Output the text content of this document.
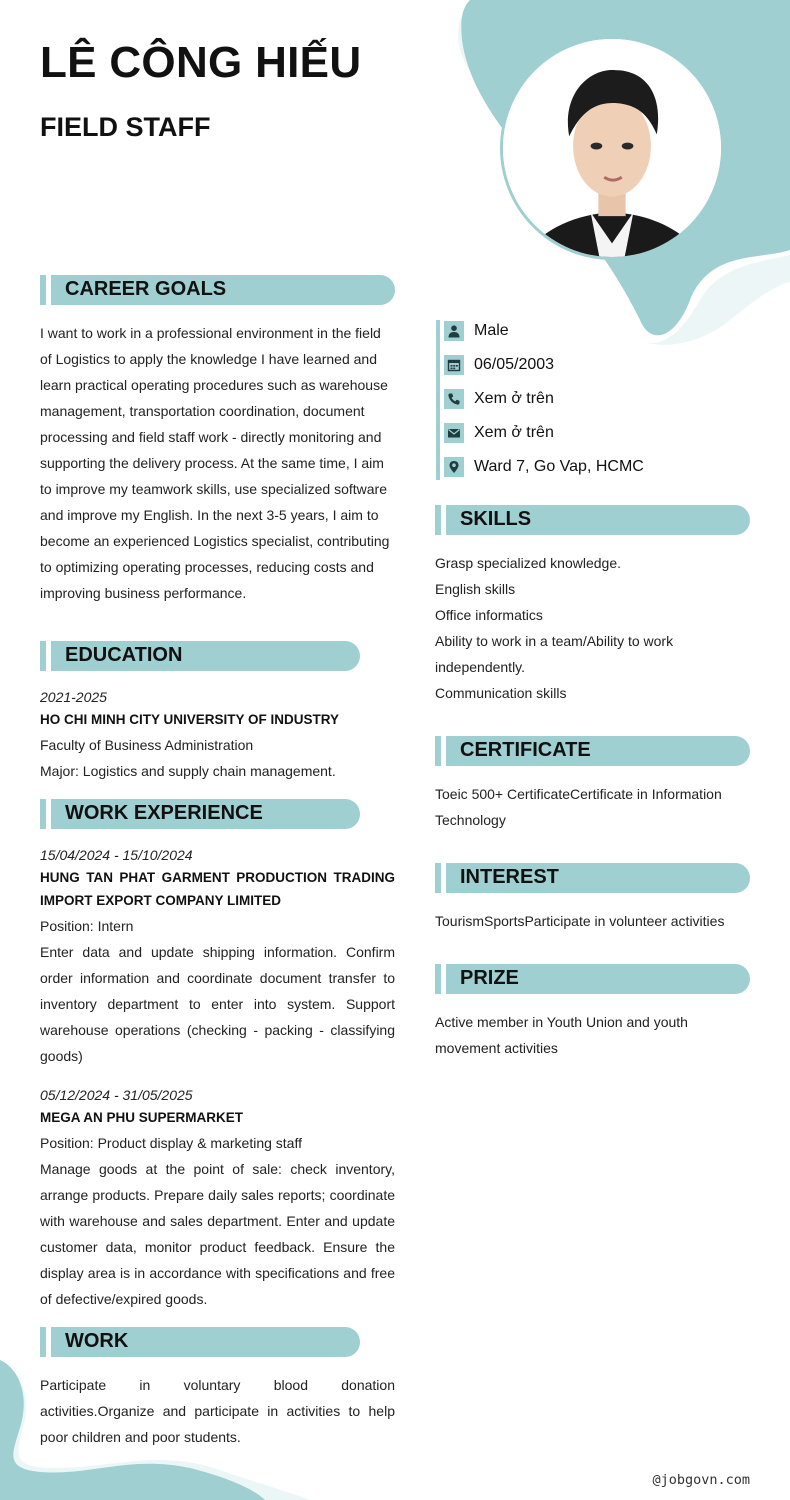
LÊ CÔNG HIẾU
FIELD STAFF
CAREER GOALS
I want to work in a professional environment in the field of Logistics to apply the knowledge I have learned and learn practical operating procedures such as warehouse management, transportation coordination, document processing and field staff work - directly monitoring and supporting the delivery process. At the same time, I aim to improve my teamwork skills, use specialized software and improve my English. In the next 3-5 years, I aim to become an experienced Logistics specialist, contributing to optimizing operating processes, reducing costs and improving business performance.
EDUCATION
2021-2025
HO CHI MINH CITY UNIVERSITY OF INDUSTRY
Faculty of Business Administration
Major: Logistics and supply chain management.
WORK EXPERIENCE
15/04/2024 - 15/10/2024
HUNG TAN PHAT GARMENT PRODUCTION TRADING IMPORT EXPORT COMPANY LIMITED
Position: Intern
Enter data and update shipping information. Confirm order information and coordinate document transfer to inventory department to enter into system. Support warehouse operations (checking - packing - classifying goods)
05/12/2024 - 31/05/2025
MEGA AN PHU SUPERMARKET
Position: Product display & marketing staff
Manage goods at the point of sale: check inventory, arrange products. Prepare daily sales reports; coordinate with warehouse and sales department. Enter and update customer data, monitor product feedback. Ensure the display area is in accordance with specifications and free of defective/expired goods.
WORK
Participate in voluntary blood donation activities.Organize and participate in activities to help poor children and poor students.
Male
06/05/2003
Xem ở trên
Xem ở trên
Ward 7, Go Vap, HCMC
SKILLS
Grasp specialized knowledge.
English skills
Office informatics
Ability to work in a team/Ability to work independently.
Communication skills
CERTIFICATE
Toeic 500+ CertificateCertificate in Information Technology
INTEREST
TourismSportsParticipate in volunteer activities
PRIZE
Active member in Youth Union and youth movement activities
@jobgovn.com
